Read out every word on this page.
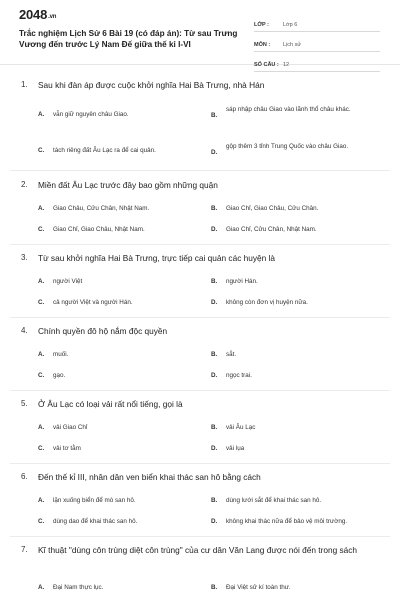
2048.vn
Trắc nghiệm Lịch Sử 6 Bài 19 (có đáp án): Từ sau Trưng Vương đến trước Lý Nam Đế giữa thế kỉ I-VI
LỚP :	Lớp 6
MÔN :	Lịch sử
SỐ CÂU : 12
1. Sau khi đàn áp được cuộc khởi nghĩa Hai Bà Trưng, nhà Hán
A. vẫn giữ nguyên châu Giao.	B.
sáp nhập châu Giao vào lãnh thổ châu khác.
C. tách riêng đất Âu Lạc ra để cai quản.	D.
gộp thêm 3 tỉnh Trung Quốc vào châu Giao.
2. Miền đất Âu Lạc trước đây bao gồm những quận
A. Giao Châu, Cửu Chân, Nhật Nam.	B. Giao Chỉ, Giao Châu, Cửu Chân.
C. Giao Chỉ, Giao Châu, Nhật Nam.	D. Giao Chỉ, Cửu Chân, Nhật Nam.
3. Từ sau khởi nghĩa Hai Bà Trưng, trực tiếp cai quản các huyện là
A. người Việt	B. người Hán.
C. cả người Việt và người Hán.	D. không còn đơn vị huyện nữa.
4. Chính quyền đô hộ nắm độc quyền
A. muối.	B. sắt.
C. gạo.	D. ngọc trai.
5. Ở Âu Lạc có loại vải rất nổi tiếng, gọi là
A. vải Giao Chỉ	B. vải Âu Lạc
C. vải tơ tằm	D. vải lụa
6. Đến thế kỉ III, nhân dân ven biển khai thác san hô bằng cách
A. lặn xuống biển để mò san hô.	B. dùng lưới sắt để khai thác san hô.
C. dùng dao để khai thác san hô.	D. không khai thác nữa để bảo vệ môi trường.
7. Kĩ thuật "dùng côn trùng diệt côn trùng" của cư dân Văn Lang được nói đến trong sách
A. Đại Nam thực lục.	B. Đại Việt sử kí toàn thư.
